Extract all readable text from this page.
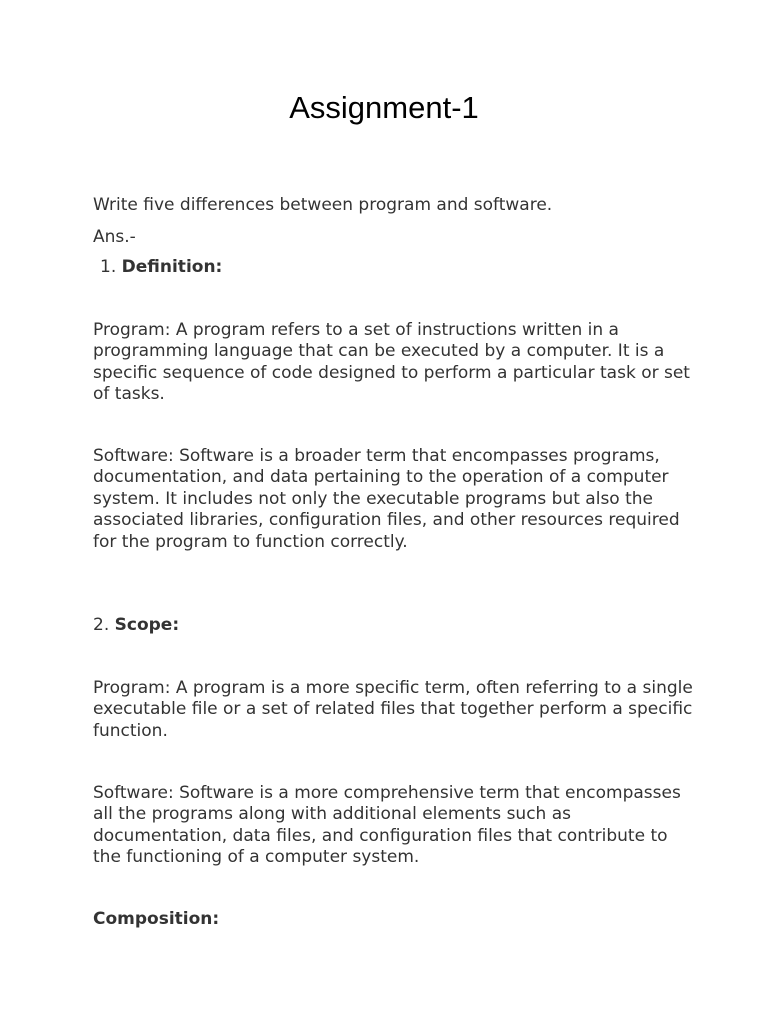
Assignment-1

Write five differences between program and software.

Ans.-

1. Definition:

Program: A program refers to a set of instructions written in a programming language that can be executed by a computer. It is a specific sequence of code designed to perform a particular task or set of tasks.

Software: Software is a broader term that encompasses programs, documentation, and data pertaining to the operation of a computer system. It includes not only the executable programs but also the associated libraries, configuration files, and other resources required for the program to function correctly.

2. Scope:

Program: A program is a more specific term, often referring to a single executable file or a set of related files that together perform a specific function.

Software: Software is a more comprehensive term that encompasses all the programs along with additional elements such as documentation, data files, and configuration files that contribute to the functioning of a computer system.

Composition:
